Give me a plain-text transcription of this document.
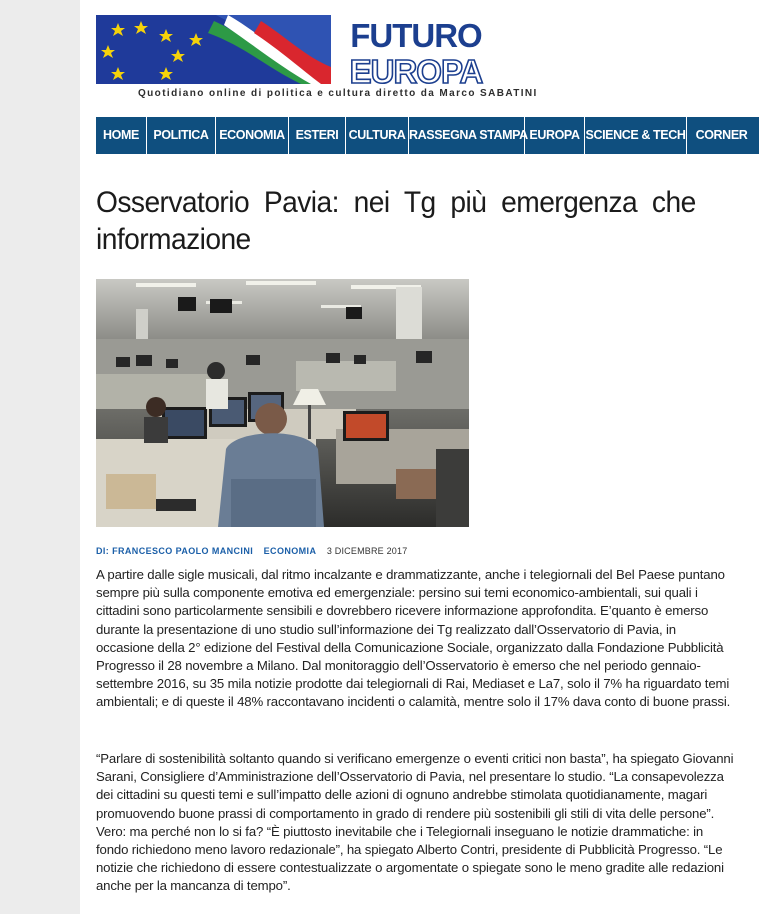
FUTURO
EUROPA
Quotidiano online di politica e cultura diretto da Marco SABATINI
HOME	POLITICA ECONOMIA ESTERI CULTURA RASSEGNA STAMPA EUROPA SCIENCE & TECH CORNER
Osservatorio Pavia: nei Tg più emergenza che informazione
DI: FRANCESCO PAOLO MANCINI ECONOMIA 3 DICEMBRE 2017

A partire dalle sigle musicali, dal ritmo incalzante e drammatizzante, anche i telegiornali del Bel Paese puntano sempre più sulla componente emotiva ed emergenziale: persino sui temi economico-ambientali, sui quali i cittadini sono particolarmente sensibili e dovrebbero ricevere informazione approfondita. E’quanto è emerso durante la presentazione di uno studio sull’informazione dei Tg realizzato dall’Osservatorio di Pavia, in occasione della 2° edizione del Festival della Comunicazione Sociale, organizzato dalla Fondazione Pubblicità Progresso il 28 novembre a Milano. Dal monitoraggio dell’Osservatorio è emerso che nel periodo gennaio-settembre 2016, su 35 mila notizie prodotte dai telegiornali di Rai, Mediaset e La7, solo il 7% ha riguardato temi ambientali; e di queste il 48% raccontavano incidenti o calamità, mentre solo il 17% dava conto di buone prassi.

“Parlare di sostenibilità soltanto quando si verificano emergenze o eventi critici non basta”, ha spiegato Giovanni Sarani, Consigliere d’Amministrazione dell’Osservatorio di Pavia, nel presentare lo studio. “La consapevolezza dei cittadini su questi temi e sull’impatto delle azioni di ognuno andrebbe stimolata quotidianamente, magari promuovendo buone prassi di comportamento in grado di rendere più sostenibili gli stili di vita delle persone”. Vero: ma perché non lo si fa? “È piuttosto inevitabile che i Telegiornali inseguano le notizie drammatiche: in fondo richiedono meno lavoro redazionale”, ha spiegato Alberto Contri, presidente di Pubblicità Progresso. “Le notizie che richiedono di essere contestualizzate o argomentate o spiegate sono le meno gradite alle redazioni anche per la mancanza di tempo”.
